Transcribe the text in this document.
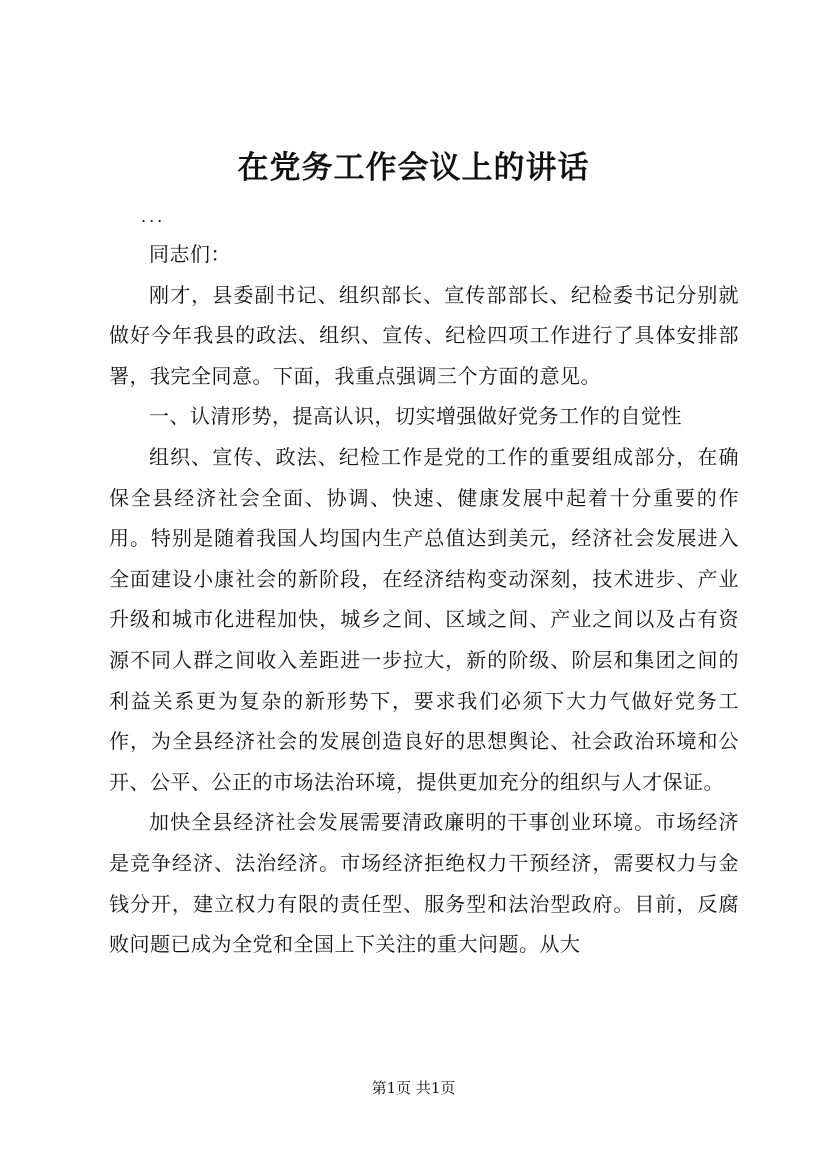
在党务工作会议上的讲话

...

同志们：

刚才，县委副书记、组织部长、宣传部部长、纪检委书记分别就做好今年我县的政法、组织、宣传、纪检四项工作进行了具体安排部署，我完全同意。下面，我重点强调三个方面的意见。

一、认清形势，提高认识，切实增强做好党务工作的自觉性

组织、宣传、政法、纪检工作是党的工作的重要组成部分，在确保全县经济社会全面、协调、快速、健康发展中起着十分重要的作用。特别是随着我国人均国内生产总值达到美元，经济社会发展进入全面建设小康社会的新阶段，在经济结构变动深刻，技术进步、产业升级和城市化进程加快，城乡之间、区域之间、产业之间以及占有资源不同人群之间收入差距进一步拉大，新的阶级、阶层和集团之间的利益关系更为复杂的新形势下，要求我们必须下大力气做好党务工作，为全县经济社会的发展创造良好的思想舆论、社会政治环境和公开、公平、公正的市场法治环境，提供更加充分的组织与人才保证。

加快全县经济社会发展需要清政廉明的干事创业环境。市场经济是竞争经济、法治经济。市场经济拒绝权力干预经济，需要权力与金钱分开，建立权力有限的责任型、服务型和法治型政府。目前，反腐败问题已成为全党和全国上下关注的重大问题。从大

第1页 共1页
